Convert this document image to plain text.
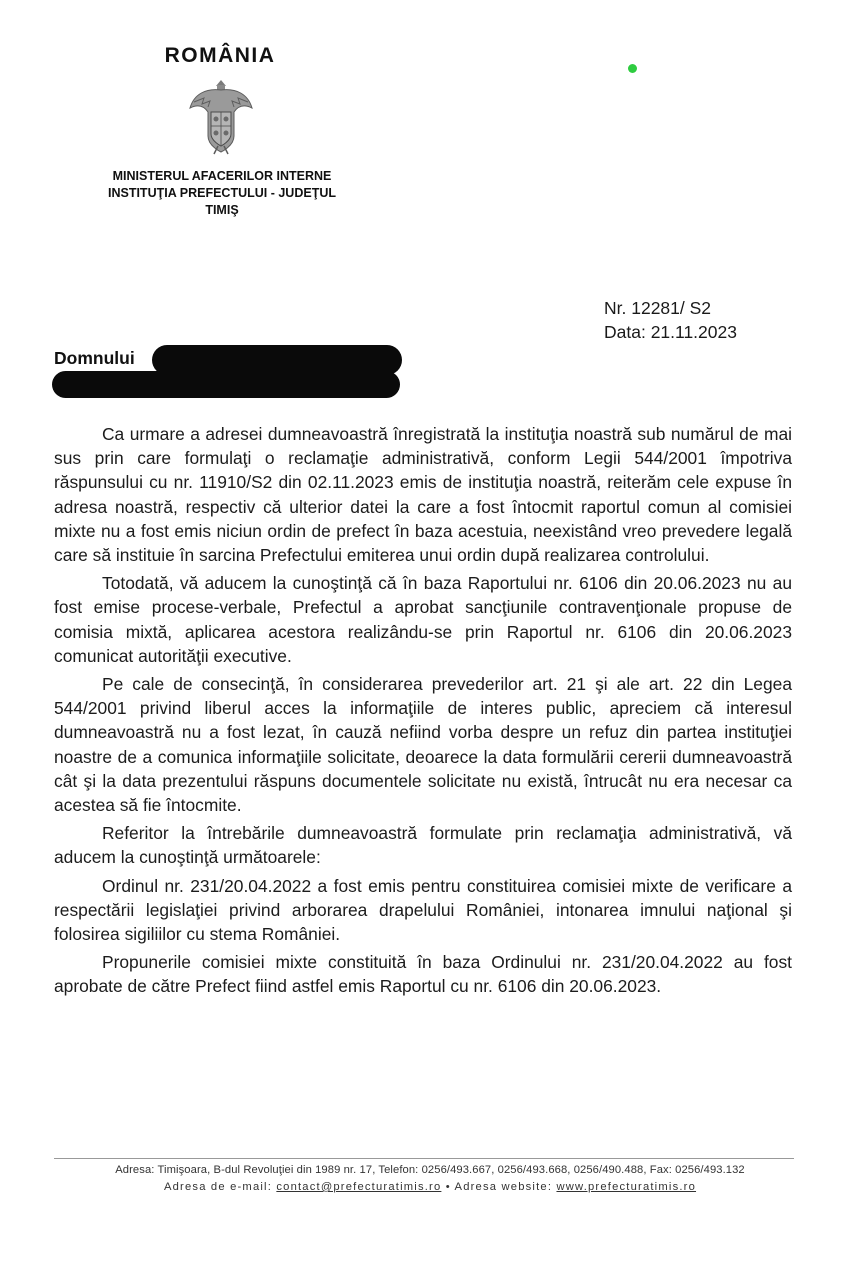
ROMÂNIA
MINISTERUL AFACERILOR INTERNE
INSTITUŢIA PREFECTULUI - JUDEŢUL
TIMIŞ
Nr. 12281/ S2
Data: 21.11.2023
Domnului

Ca urmare a adresei dumneavoastră înregistrată la instituţia noastră sub numărul de mai sus prin care formulaţi o reclamaţie administrativă, conform Legii 544/2001 împotriva răspunsului cu nr. 11910/S2 din 02.11.2023 emis de instituţia noastră, reiterăm cele expuse în adresa noastră, respectiv că ulterior datei la care a fost întocmit raportul comun al comisiei mixte nu a fost emis niciun ordin de prefect în baza acestuia, neexistând vreo prevedere legală care să instituie în sarcina Prefectului emiterea unui ordin după realizarea controlului.

Totodată, vă aducem la cunoştinţă că în baza Raportului nr. 6106 din 20.06.2023 nu au fost emise procese-verbale, Prefectul a aprobat sancţiunile contravenţionale propuse de comisia mixtă, aplicarea acestora realizându-se prin Raportul nr. 6106 din 20.06.2023 comunicat autorităţii executive.

Pe cale de consecinţă, în considerarea prevederilor art. 21 şi ale art. 22 din Legea 544/2001 privind liberul acces la informaţiile de interes public, apreciem că interesul dumneavoastră nu a fost lezat, în cauză nefiind vorba despre un refuz din partea instituţiei noastre de a comunica informaţiile solicitate, deoarece la data formulării cererii dumneavoastră cât şi la data prezentului răspuns documentele solicitate nu există, întrucât nu era necesar ca acestea să fie întocmite.

Referitor la întrebările dumneavoastră formulate prin reclamaţia administrativă, vă aducem la cunoştinţă următoarele:

Ordinul nr. 231/20.04.2022 a fost emis pentru constituirea comisiei mixte de verificare a respectării legislaţiei privind arborarea drapelului României, intonarea imnului naţional şi folosirea sigiliilor cu stema României.

Propunerile comisiei mixte constituită în baza Ordinului nr. 231/20.04.2022 au fost aprobate de către Prefect fiind astfel emis Raportul cu nr. 6106 din 20.06.2023.

Adresa: Timişoara, B-dul Revoluţiei din 1989 nr. 17, Telefon: 0256/493.667, 0256/493.668, 0256/490.488, Fax: 0256/493.132
Adresa de e-mail: contact@prefecturatimis.ro • Adresa website: www.prefecturatimis.ro
